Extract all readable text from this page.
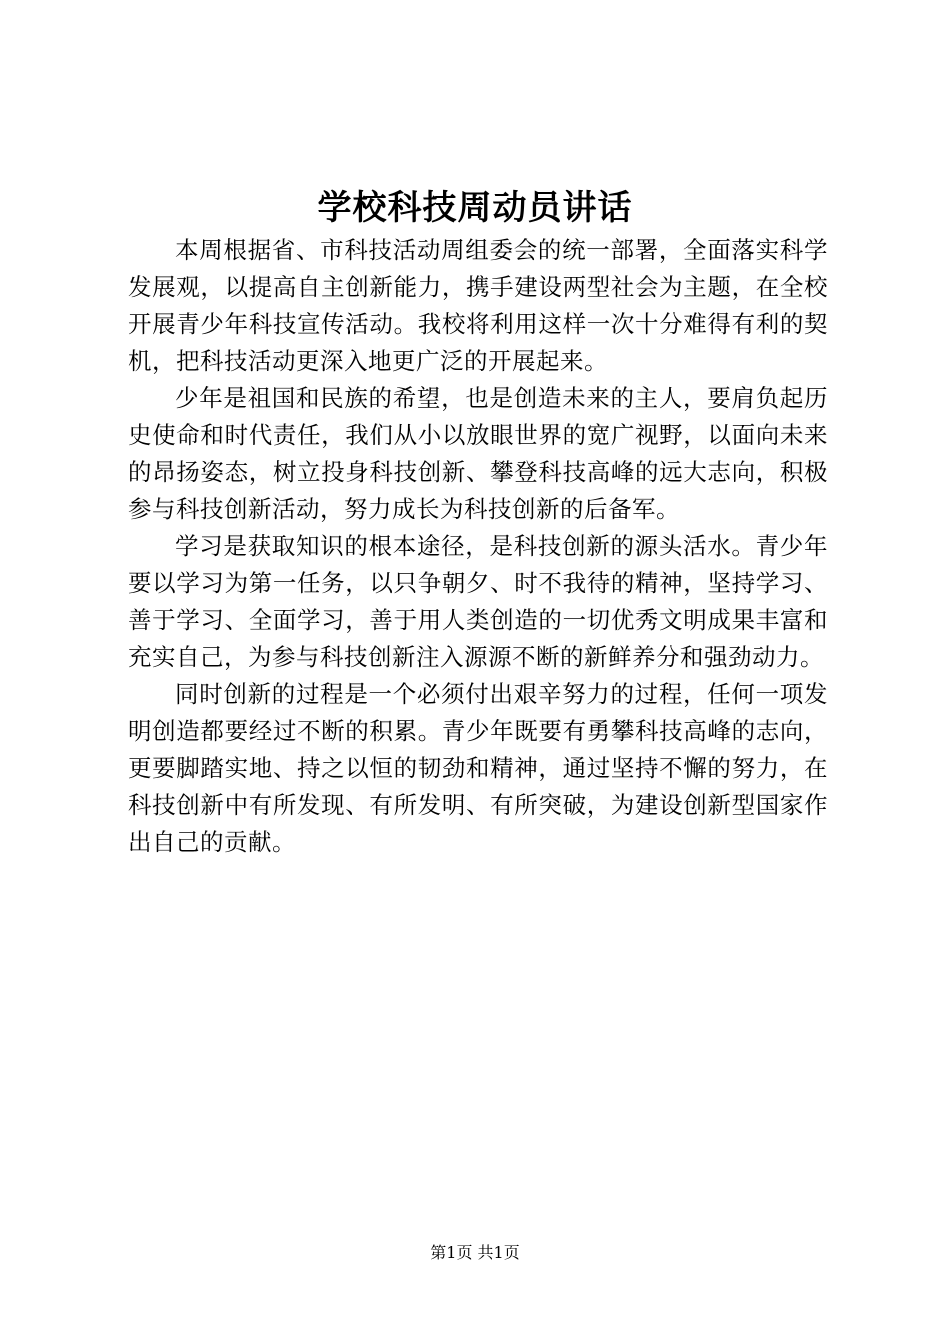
学校科技周动员讲话

本周根据省、市科技活动周组委会的统一部署，全面落实科学发展观，以提高自主创新能力，携手建设两型社会为主题，在全校开展青少年科技宣传活动。我校将利用这样一次十分难得有利的契机，把科技活动更深入地更广泛的开展起来。

少年是祖国和民族的希望，也是创造未来的主人，要肩负起历史使命和时代责任，我们从小以放眼世界的宽广视野，以面向未来的昂扬姿态，树立投身科技创新、攀登科技高峰的远大志向，积极参与科技创新活动，努力成长为科技创新的后备军。

学习是获取知识的根本途径，是科技创新的源头活水。青少年要以学习为第一任务，以只争朝夕、时不我待的精神，坚持学习、善于学习、全面学习，善于用人类创造的一切优秀文明成果丰富和充实自己，为参与科技创新注入源源不断的新鲜养分和强劲动力。

同时创新的过程是一个必须付出艰辛努力的过程，任何一项发明创造都要经过不断的积累。青少年既要有勇攀科技高峰的志向，更要脚踏实地、持之以恒的韧劲和精神，通过坚持不懈的努力，在科技创新中有所发现、有所发明、有所突破，为建设创新型国家作出自己的贡献。

第1页 共1页
